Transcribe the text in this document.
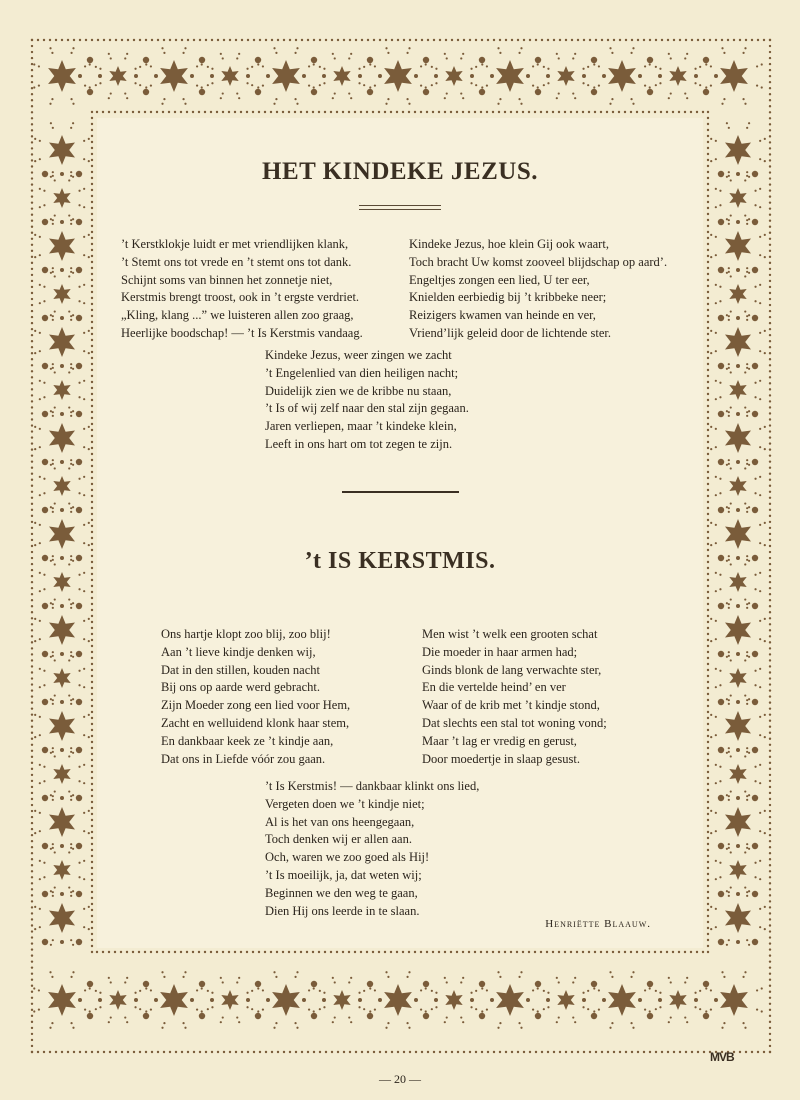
HET KINDEKE JEZUS.
’t Kerstklokje luidt er met vriendlijken klank,
’t Stemt ons tot vrede en ’t stemt ons tot dank.
Schijnt soms van binnen het zonnetje niet,
Kerstmis brengt troost, ook in ’t ergste verdriet.
„Kling, klang ...” we luisteren allen zoo graag,
Heerlijke boodschap! — ’t Is Kerstmis vandaag.
Kindeke Jezus, hoe klein Gij ook waart,
Toch bracht Uw komst zooveel blijdschap op aard’.
Engeltjes zongen een lied, U ter eer,
Knielden eerbiedig bij ’t kribbeke neer;
Reizigers kwamen van heinde en ver,
Vriend’lijk geleid door de lichtende ster.
Kindeke Jezus, weer zingen we zacht
’t Engelenlied van dien heiligen nacht;
Duidelijk zien we de kribbe nu staan,
’t Is of wij zelf naar den stal zijn gegaan.
Jaren verliepen, maar ’t kindeke klein,
Leeft in ons hart om tot zegen te zijn.
’t IS KERSTMIS.
Ons hartje klopt zoo blij, zoo blij!
Aan ’t lieve kindje denken wij,
Dat in den stillen, kouden nacht
Bij ons op aarde werd gebracht.
Zijn Moeder zong een lied voor Hem,
Zacht en welluidend klonk haar stem,
En dankbaar keek ze ’t kindje aan,
Dat ons in Liefde vóór zou gaan.
Men wist ’t welk een grooten schat
Die moeder in haar armen had;
Ginds blonk de lang verwachte ster,
En die vertelde heind’ en ver
Waar of de krib met ’t kindje stond,
Dat slechts een stal tot woning vond;
Maar ’t lag er vredig en gerust,
Door moedertje in slaap gesust.
’t Is Kerstmis! — dankbaar klinkt ons lied,
Vergeten doen we ’t kindje niet;
Al is het van ons heengegaan,
Toch denken wij er allen aan.
Och, waren we zoo goed als Hij!
’t Is moeilijk, ja, dat weten wij;
Beginnen we den weg te gaan,
Dien Hij ons leerde in te slaan.
Henriëtte Blaauw.
MVB
— 20 —
